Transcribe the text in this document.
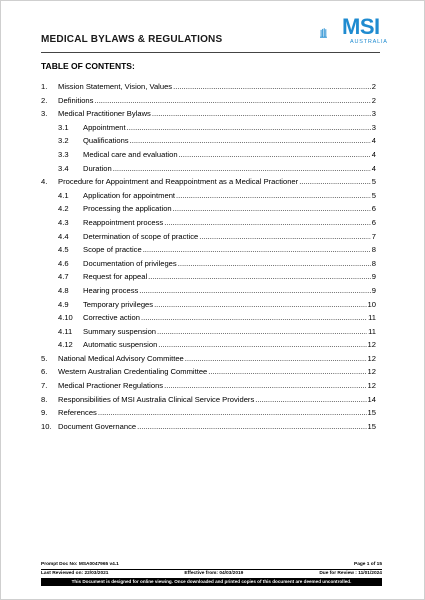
MEDICAL BYLAWS & REGULATIONS
MSI
AUSTRALIA
TABLE OF CONTENTS:
1.	Mission Statement, Vision, Values .....	2
2.	Definitions .....	2
3.	Medical Practitioner Bylaws .....	3
3.1	Appointment .....	3
3.2	Qualifications .....	4
3.3	Medical care and evaluation .....	4
3.4	Duration .....	4
4.	Procedure for Appointment and Reappointment as a Medical Practioner .....	5
4.1	Application for appointment .....	5
4.2	Processing the application .....	6
4.3	Reappointment process .....	6
4.4	Determination of scope of practice .....	7
4.5	Scope of practice .....	8
4.6	Documentation of privileges .....	8
4.7	Request for appeal .....	9
4.8	Hearing process .....	9
4.9	Temporary privileges .....	10
4.10	Corrective action .....	11
4.11	Summary suspension .....	11
4.12	Automatic suspension .....	12
5.	National Medical Advisory Committee .....	12
6.	Western Australian Credentialing Committee .....	12
7.	Medical Practioner Regulations .....	12
8.	Responsibilities of MSI Australia Clinical Service Providers .....	14
9.	References .....	15
10. Document Governance .....	15
Prompt Doc No: MSA0047965 v4.1	Page 1 of 15
Last Reviewed on: 22/03/2021	Effective from: 04/03/2019	Due for Review : 11/01/2024
This Document is designed for online viewing. Once downloaded and printed copies of this document are deemed uncontrolled.
